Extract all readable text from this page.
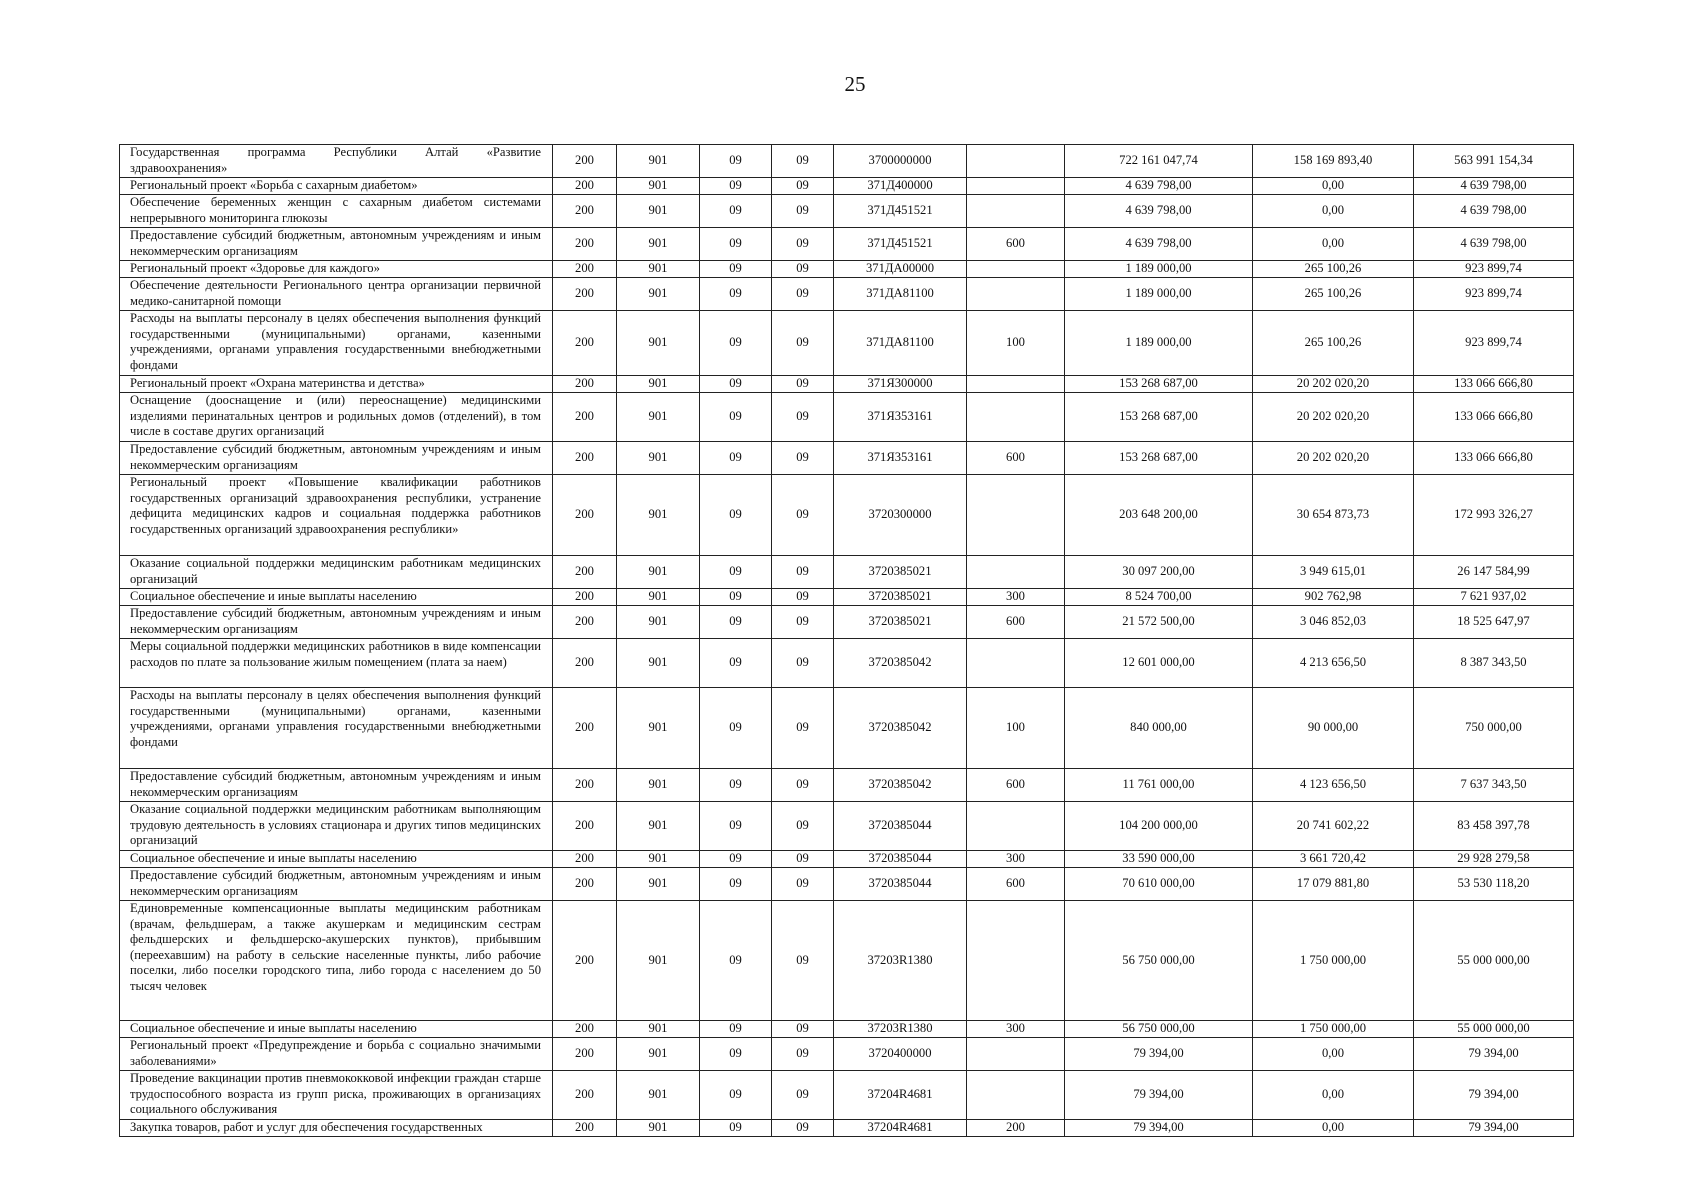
25
Государственная программа Республики Алтай «Развитие здравоохранения»	200	901	09	09	3700000000		722 161 047,74	158 169 893,40	563 991 154,34
Региональный проект «Борьба с сахарным диабетом»	200	901	09	09	371Д400000		4 639 798,00	0,00	4 639 798,00
Обеспечение беременных женщин с сахарным диабетом системами непрерывного мониторинга глюкозы	200	901	09	09	371Д451521		4 639 798,00	0,00	4 639 798,00
Предоставление субсидий бюджетным, автономным учреждениям и иным некоммерческим организациям	200	901	09	09	371Д451521	600	4 639 798,00	0,00	4 639 798,00
Региональный проект «Здоровье для каждого»	200	901	09	09	371ДА00000		1 189 000,00	265 100,26	923 899,74
Обеспечение деятельности Регионального центра организации первичной медико-санитарной помощи	200	901	09	09	371ДА81100		1 189 000,00	265 100,26	923 899,74
Расходы на выплаты персоналу в целях обеспечения выполнения функций государственными (муниципальными) органами, казенными учреждениями, органами управления государственными внебюджетными фондами	200	901	09	09	371ДА81100	100	1 189 000,00	265 100,26	923 899,74
Региональный проект «Охрана материнства и детства»	200	901	09	09	371Я300000		153 268 687,00	20 202 020,20	133 066 666,80
Оснащение (дооснащение и (или) переоснащение) медицинскими изделиями перинатальных центров и родильных домов (отделений), в том числе в составе других организаций	200	901	09	09	371Я353161		153 268 687,00	20 202 020,20	133 066 666,80
Предоставление субсидий бюджетным, автономным учреждениям и иным некоммерческим организациям	200	901	09	09	371Я353161	600	153 268 687,00	20 202 020,20	133 066 666,80
Региональный проект «Повышение квалификации работников государственных организаций здравоохранения республики, устранение дефицита медицинских кадров и социальная поддержка работников государственных организаций здравоохранения республики»	200	901	09	09	3720300000		203 648 200,00	30 654 873,73	172 993 326,27
Оказание социальной поддержки медицинским работникам медицинских организаций	200	901	09	09	3720385021		30 097 200,00	3 949 615,01	26 147 584,99
Социальное обеспечение и иные выплаты населению	200	901	09	09	3720385021	300	8 524 700,00	902 762,98	7 621 937,02
Предоставление субсидий бюджетным, автономным учреждениям и иным некоммерческим организациям	200	901	09	09	3720385021	600	21 572 500,00	3 046 852,03	18 525 647,97
Меры социальной поддержки медицинских работников в виде компенсации расходов по плате за пользование жилым помещением (плата за наем)	200	901	09	09	3720385042		12 601 000,00	4 213 656,50	8 387 343,50
Расходы на выплаты персоналу в целях обеспечения выполнения функций государственными (муниципальными) органами, казенными учреждениями, органами управления государственными внебюджетными фондами	200	901	09	09	3720385042	100	840 000,00	90 000,00	750 000,00
Предоставление субсидий бюджетным, автономным учреждениям и иным некоммерческим организациям	200	901	09	09	3720385042	600	11 761 000,00	4 123 656,50	7 637 343,50
Оказание социальной поддержки медицинским работникам выполняющим трудовую деятельность в условиях стационара и других типов медицинских организаций	200	901	09	09	3720385044		104 200 000,00	20 741 602,22	83 458 397,78
Социальное обеспечение и иные выплаты населению	200	901	09	09	3720385044	300	33 590 000,00	3 661 720,42	29 928 279,58
Предоставление субсидий бюджетным, автономным учреждениям и иным некоммерческим организациям	200	901	09	09	3720385044	600	70 610 000,00	17 079 881,80	53 530 118,20
Единовременные компенсационные выплаты медицинским работникам (врачам, фельдшерам, а также акушеркам и медицинским сестрам фельдшерских и фельдшерско-акушерских пунктов), прибывшим (переехавшим) на работу в сельские населенные пункты, либо рабочие поселки, либо поселки городского типа, либо города с населением до 50 тысяч человек	200	901	09	09	37203R1380		56 750 000,00	1 750 000,00	55 000 000,00
Социальное обеспечение и иные выплаты населению	200	901	09	09	37203R1380	300	56 750 000,00	1 750 000,00	55 000 000,00
Региональный проект «Предупреждение и борьба с социально значимыми заболеваниями»	200	901	09	09	3720400000		79 394,00	0,00	79 394,00
Проведение вакцинации против пневмококковой инфекции граждан старше трудоспособного возраста из групп риска, проживающих в организациях социального обслуживания	200	901	09	09	37204R4681		79 394,00	0,00	79 394,00
Закупка товаров, работ и услуг для обеспечения государственных	200	901	09	09	37204R4681	200	79 394,00	0,00	79 394,00
